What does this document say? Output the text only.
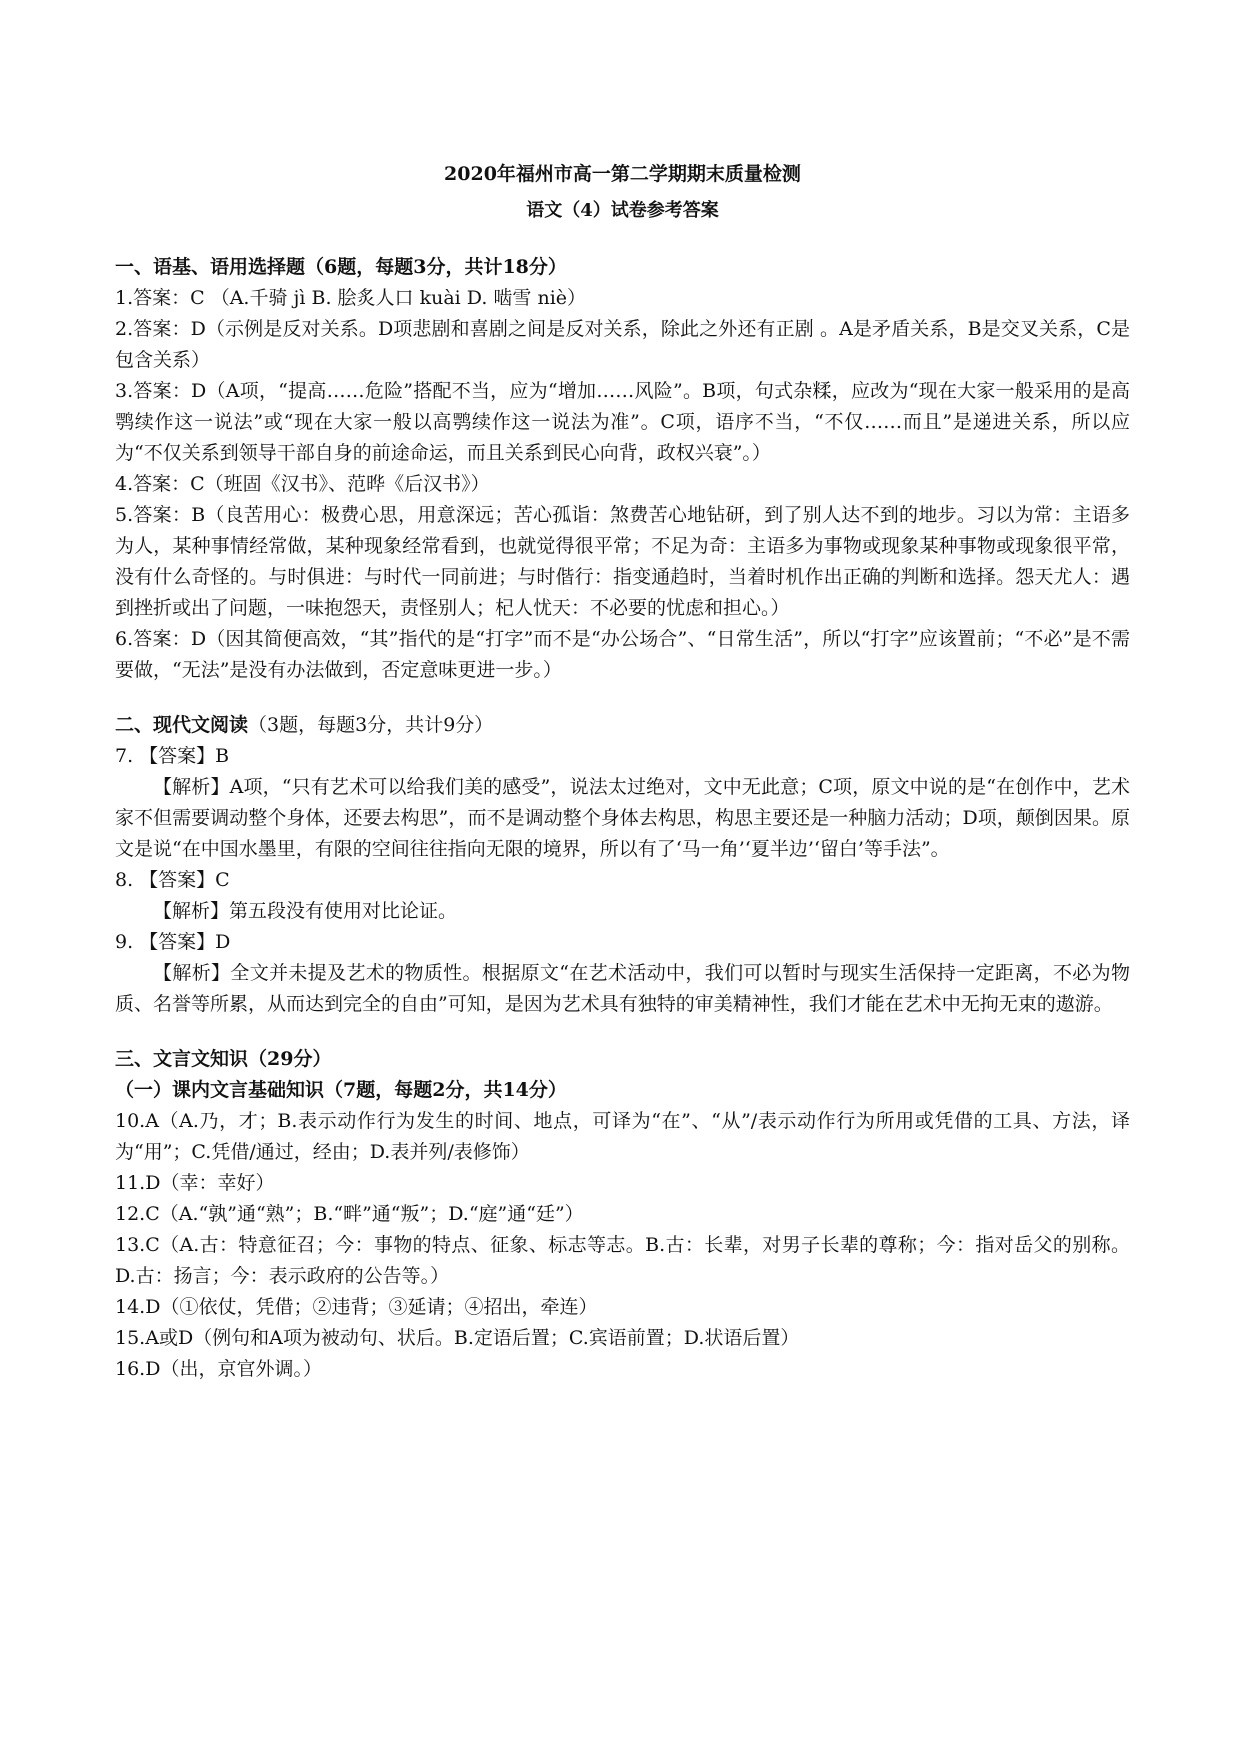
2020年福州市高一第二学期期末质量检测

语文（4）试卷参考答案

一、语基、语用选择题（6题，每题3分，共计18分）

1.答案：C （A.千骑 jì B. 脍炙人口 kuài D. 啮雪 niè）

2.答案：D（示例是反对关系。D项悲剧和喜剧之间是反对关系，除此之外还有正剧 。A是矛盾关系，B是交叉关系，C是包含关系）

3.答案：D（A项，“提高……危险”搭配不当，应为“增加……风险”。B项，句式杂糅，应改为“现在大家一般采用的是高鹗续作这一说法”或“现在大家一般以高鹗续作这一说法为准”。C项，语序不当，“不仅……而且”是递进关系，所以应为“不仅关系到领导干部自身的前途命运，而且关系到民心向背，政权兴衰”。）

4.答案：C（班固《汉书》、范晔《后汉书》）

5.答案：B（良苦用心：极费心思，用意深远；苦心孤诣：煞费苦心地钻研，到了别人达不到的地步。习以为常：主语多为人，某种事情经常做，某种现象经常看到，也就觉得很平常；不足为奇：主语多为事物或现象某种事物或现象很平常，没有什么奇怪的。与时俱进：与时代一同前进；与时偕行：指变通趋时，当着时机作出正确的判断和选择。怨天尤人：遇到挫折或出了问题，一味抱怨天，责怪别人；杞人忧天：不必要的忧虑和担心。）

6.答案：D（因其简便高效，“其”指代的是“打字”而不是“办公场合”、“日常生活”，所以“打字”应该置前；“不必”是不需要做，“无法”是没有办法做到，否定意味更进一步。）

二、现代文阅读（3题，每题3分，共计9分）

7. 【答案】B

【解析】A项，“只有艺术可以给我们美的感受”，说法太过绝对，文中无此意；C项，原文中说的是“在创作中，艺术家不但需要调动整个身体，还要去构思”，而不是调动整个身体去构思，构思主要还是一种脑力活动；D项，颠倒因果。原文是说“在中国水墨里，有限的空间往往指向无限的境界，所以有了‘马一角’‘夏半边’‘留白’等手法”。

8. 【答案】C

【解析】第五段没有使用对比论证。

9. 【答案】D

【解析】全文并未提及艺术的物质性。根据原文“在艺术活动中，我们可以暂时与现实生活保持一定距离，不必为物质、名誉等所累，从而达到完全的自由”可知，是因为艺术具有独特的审美精神性，我们才能在艺术中无拘无束的遨游。

三、文言文知识（29分）

（一）课内文言基础知识（7题，每题2分，共14分）

10.A（A.乃，才；B.表示动作行为发生的时间、地点，可译为“在”、“从”/表示动作行为所用或凭借的工具、方法，译为“用”；C.凭借/通过，经由；D.表并列/表修饰）

11.D（幸：幸好）

12.C（A.“孰”通“熟”；B.“畔”通“叛”；D.“庭”通“廷”）

13.C（A.古：特意征召；今：事物的特点、征象、标志等志。B.古：长辈，对男子长辈的尊称；今：指对岳父的别称。D.古：扬言；今：表示政府的公告等。）

14.D（①依仗，凭借；②违背；③延请；④招出，牵连）

15.A或D（例句和A项为被动句、状后。B.定语后置；C.宾语前置；D.状语后置）

16.D（出，京官外调。）
